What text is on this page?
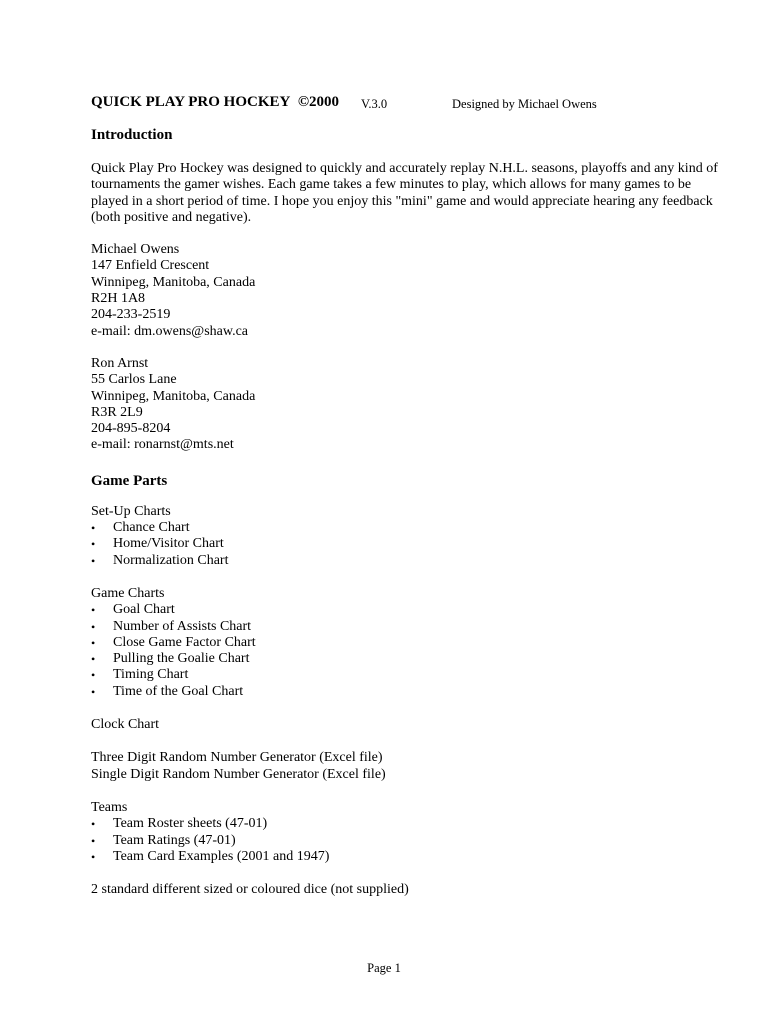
QUICK PLAY PRO HOCKEY ©2000 V.3.0	Designed by Michael Owens
Introduction

Quick Play Pro Hockey was designed to quickly and accurately replay N.H.L. seasons, playoffs and any kind of tournaments the gamer wishes. Each game takes a few minutes to play, which allows for many games to be played in a short period of time. I hope you enjoy this "mini" game and would appreciate hearing any feedback (both positive and negative).

Michael Owens
147 Enfield Crescent
Winnipeg, Manitoba, Canada
R2H 1A8
204-233-2519
e-mail: dm.owens@shaw.ca
Ron Arnst
55 Carlos Lane
Winnipeg, Manitoba, Canada
R3R 2L9
204-895-8204
e-mail: ronarnst@mts.net
Game Parts
Set-Up Charts
• Chance Chart
• Home/Visitor Chart
• Normalization Chart
Game Charts
• Goal Chart
• Number of Assists Chart
• Close Game Factor Chart
• Pulling the Goalie Chart
• Timing Chart
• Time of the Goal Chart

Clock Chart

Three Digit Random Number Generator (Excel file)
Single Digit Random Number Generator (Excel file)
Teams
• Team Roster sheets (47-01)
• Team Ratings (47-01)
• Team Card Examples (2001 and 1947)

2 standard different sized or coloured dice (not supplied)

Page 1
